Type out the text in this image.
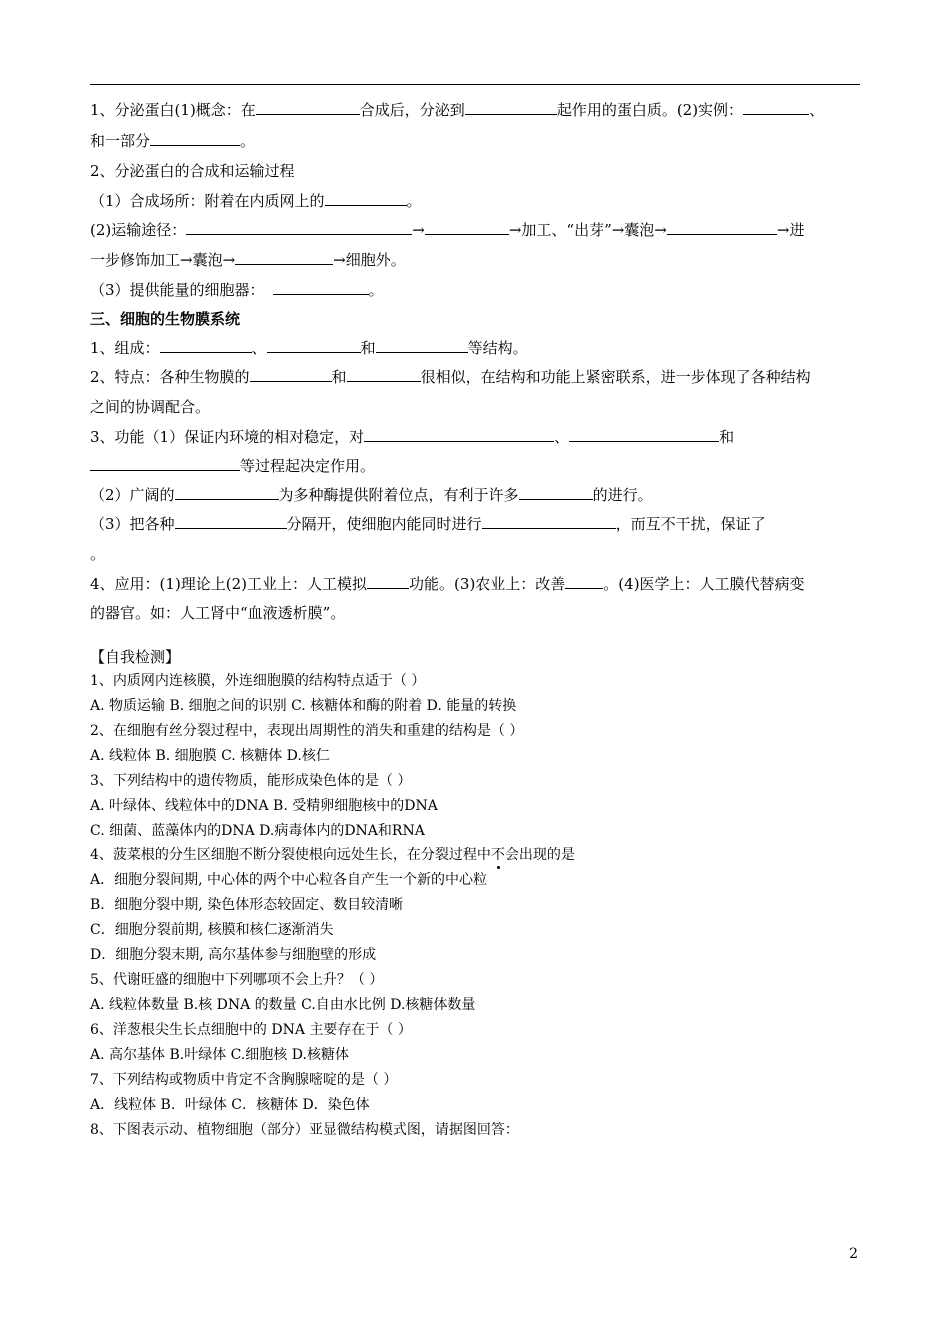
1、分泌蛋白(1)概念：在	合成后，分泌到	起作用的蛋白质。(2)实例：	、
和一部分	。
2、分泌蛋白的合成和运输过程
（1）合成场所：附着在内质网上的	。
(2)运输途径：	→	→加工、“出芽”→囊泡→	→进
一步修饰加工→囊泡→	→细胞外。
（3）提供能量的细胞器：	。
三、细胞的生物膜系统
1、组成：	、	和	等结构。
2、特点：各种生物膜的	和	很相似，在结构和功能上紧密联系，进一步体现了各种结构
之间的协调配合。
3、功能（1）保证内环境的相对稳定，对	、	和
等过程起决定作用。
（2）广阔的	为多种酶提供附着位点，有利于许多	的进行。
（3）把各种	分隔开，使细胞内能同时进行	，而互不干扰，保证了
。
4、应用：(1)理论上(2)工业上：人工模拟	功能。(3)农业上：改善	。(4)医学上：人工膜代替病变
的器官。如：人工肾中“血液透析膜”。
【自我检测】
1、内质网内连核膜，外连细胞膜的结构特点适于（ ）
A. 物质运输 B. 细胞之间的识别 C. 核糖体和酶的附着 D. 能量的转换
2、在细胞有丝分裂过程中，表现出周期性的消失和重建的结构是（ ）
A. 线粒体 B. 细胞膜 C. 核糖体 D.核仁
3、下列结构中的遗传物质，能形成染色体的是（ ）
A. 叶绿体、线粒体中的DNA B. 受精卵细胞核中的DNA
C. 细菌、蓝藻体内的DNA D.病毒体内的DNA和RNA
4、菠菜根的分生区细胞不断分裂使根向远处生长，在分裂过程中不会出现的是
A．细胞分裂间期, 中心体的两个中心粒各自产生一个新的中心粒
B．细胞分裂中期, 染色体形态较固定、数目较清晰
C．细胞分裂前期, 核膜和核仁逐渐消失
D．细胞分裂末期, 高尔基体参与细胞壁的形成
5、代谢旺盛的细胞中下列哪项不会上升？（ ）
A. 线粒体数量 B.核 DNA 的数量 C.自由水比例 D.核糖体数量
6、洋葱根尖生长点细胞中的 DNA 主要存在于（ ）
A. 高尔基体 B.叶绿体 C.细胞核 D.核糖体
7、下列结构或物质中肯定不含胸腺嘧啶的是（ ）
A．线粒体 B．叶绿体 C．核糖体 D．染色体
8、下图表示动、植物细胞（部分）亚显微结构模式图，请据图回答：
2
